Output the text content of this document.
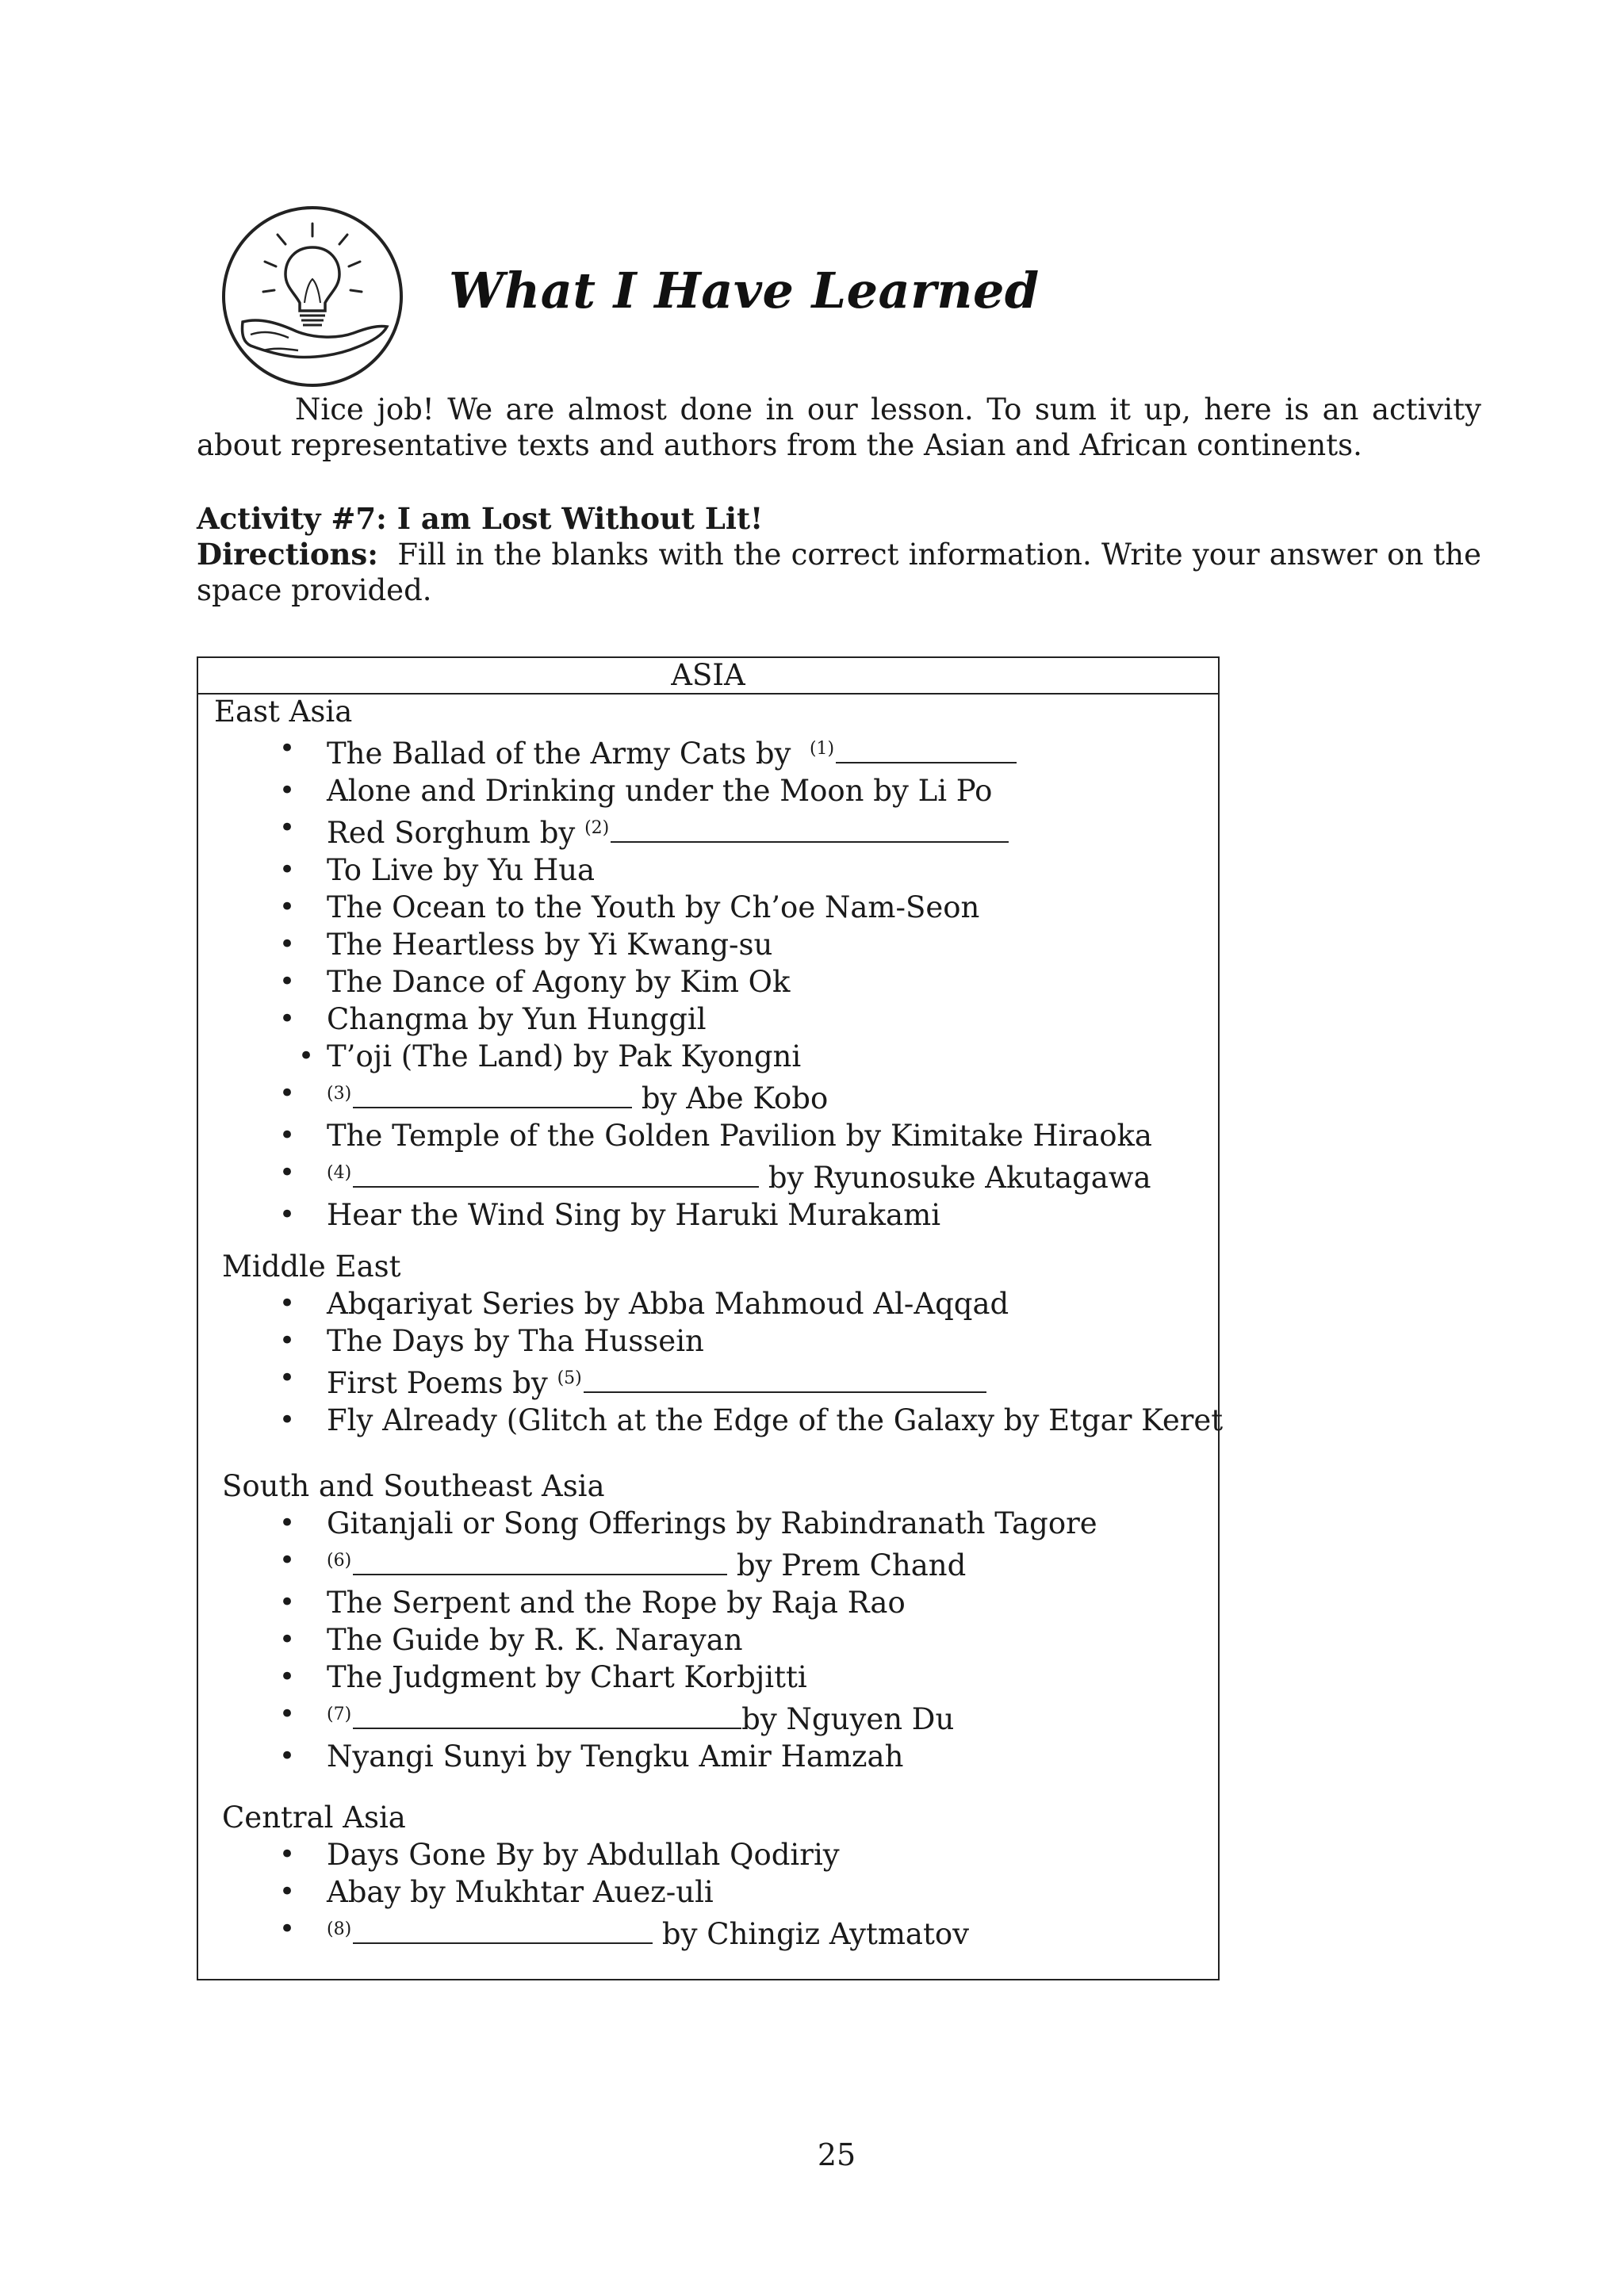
What I Have Learned
Nice job! We are almost done in our lesson. To sum it up, here is an activity about representative texts and authors from the Asian and African continents.
Activity #7: I am Lost Without Lit!
Directions: Fill in the blanks with the correct information. Write your answer on the space provided.
ASIA
East Asia
• The Ballad of the Army Cats by $^{(1)}$
• Alone and Drinking under the Moon by Li Po
• Red Sorghum by $^{(2)}$
• To Live by Yu Hua
• The Ocean to the Youth by Ch’oe Nam-Seon
• The Heartless by Yi Kwang-su
• The Dance of Agony by Kim Ok
• Changma by Yun Hunggil
• T’oji (The Land) by Pak Kyongni
• $^{(3)}$	by Abe Kobo
• The Temple of the Golden Pavilion by Kimitake Hiraoka
• $^{(4)}$	by Ryunosuke Akutagawa
• Hear the Wind Sing by Haruki Murakami
Middle East
• Abqariyat Series by Abba Mahmoud Al-Aqqad
• The Days by Tha Hussein
• First Poems by $^{(5)}$
• Fly Already (Glitch at the Edge of the Galaxy by Etgar Keret
South and Southeast Asia
• Gitanjali or Song Offerings by Rabindranath Tagore
• $^{(6)}$	by Prem Chand
• The Serpent and the Rope by Raja Rao
• The Guide by R. K. Narayan
• The Judgment by Chart Korbjitti
• $^{(7)}$	by Nguyen Du
• Nyangi Sunyi by Tengku Amir Hamzah
Central Asia
• Days Gone By by Abdullah Qodiriy
• Abay by Mukhtar Auez-uli
• $^{(8)}$	by Chingiz Aytmatov
25
